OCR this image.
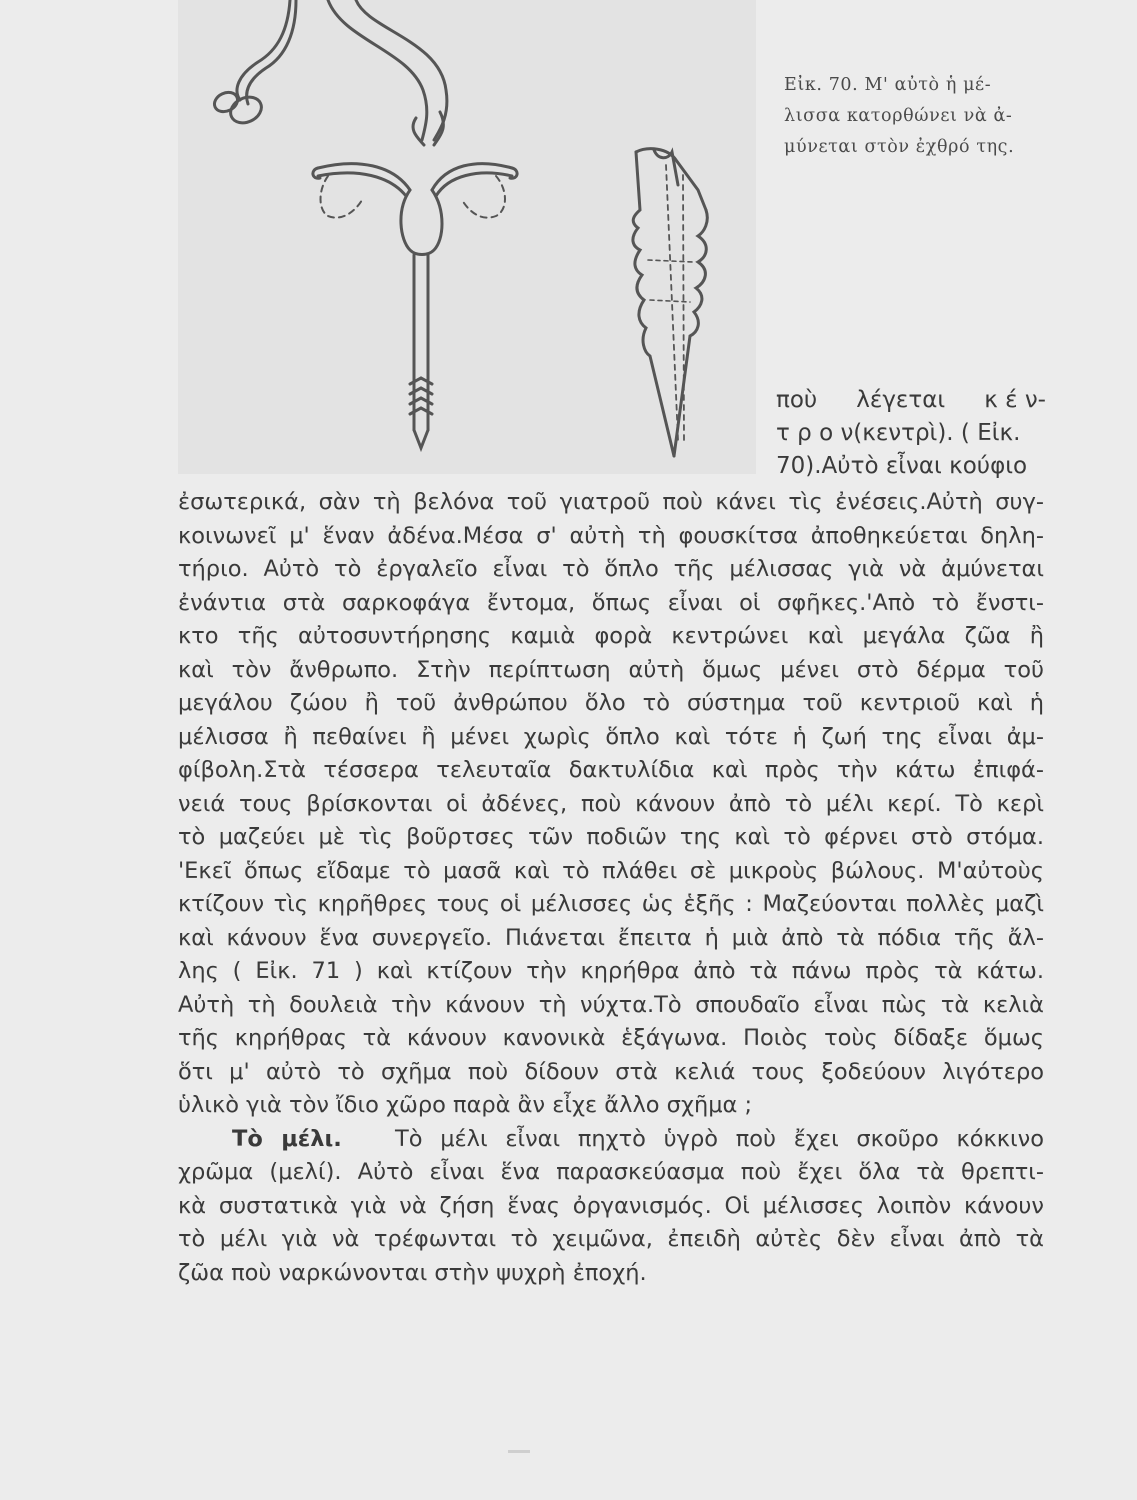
Εἰκ. 70. Μ' αὐτὸ ἡ μέ-
λισσα κατορθώνει νὰ ἀ-
μύνεται στὸν ἐχθρό της.
ποὺ λέγεται κ έ ν-
τ ρ ο ν(κεντρὶ). ( Εἰκ.
70).Αὐτὸ εἶναι κούφιο
ἐσωτερικά, σὰν τὴ βελόνα τοῦ γιατροῦ ποὺ κάνει τὶς ἐνέσεις.Αὐτὴ συγ-
κοινωνεῖ μ' ἕναν ἀδένα.Μέσα σ' αὐτὴ τὴ φουσκίτσα ἀποθηκεύεται δηλη-
τήριο. Αὐτὸ τὸ ἐργαλεῖο εἶναι τὸ ὅπλο τῆς μέλισσας γιὰ νὰ ἀμύνεται
ἐνάντια στὰ σαρκοφάγα ἔντομα, ὅπως εἶναι οἱ σφῆκες.'Απὸ τὸ ἔνστι-
κτο τῆς αὐτοσυντήρησης καμιὰ φορὰ κεντρώνει καὶ μεγάλα ζῶα ἢ
καὶ τὸν ἄνθρωπο. Στὴν περίπτωση αὐτὴ ὅμως μένει στὸ δέρμα τοῦ
μεγάλου ζώου ἢ τοῦ ἀνθρώπου ὅλο τὸ σύστημα τοῦ κεντριοῦ καὶ ἡ
μέλισσα ἢ πεθαίνει ἢ μένει χωρὶς ὅπλο καὶ τότε ἡ ζωή της εἶναι ἀμ-
φίβολη.Στὰ τέσσερα τελευταῖα δακτυλίδια καὶ πρὸς τὴν κάτω ἐπιφά-
νειά τους βρίσκονται οἱ ἀδένες, ποὺ κάνουν ἀπὸ τὸ μέλι κερί. Τὸ κερὶ
τὸ μαζεύει μὲ τὶς βοῦρτσες τῶν ποδιῶν της καὶ τὸ φέρνει στὸ στόμα.
'Εκεῖ ὅπως εἴδαμε τὸ μασᾶ καὶ τὸ πλάθει σὲ μικροὺς βώλους. Μ'αὐτοὺς
κτίζουν τὶς κηρῆθρες τους οἱ μέλισσες ὡς ἑξῆς : Μαζεύονται πολλὲς μαζὶ
καὶ κάνουν ἕνα συνεργεῖο. Πιάνεται ἔπειτα ἡ μιὰ ἀπὸ τὰ πόδια τῆς ἄλ-
λης ( Εἰκ. 71 ) καὶ κτίζουν τὴν κηρήθρα ἀπὸ τὰ πάνω πρὸς τὰ κάτω.
Αὐτὴ τὴ δουλειὰ τὴν κάνουν τὴ νύχτα.Τὸ σπουδαῖο εἶναι πὼς τὰ κελιὰ
τῆς κηρήθρας τὰ κάνουν κανονικὰ ἑξάγωνα. Ποιὸς τοὺς δίδαξε ὅμως
ὅτι μ' αὐτὸ τὸ σχῆμα ποὺ δίδουν στὰ κελιά τους ξοδεύουν λιγότερο
ὑλικὸ γιὰ τὸν ἴδιο χῶρο παρὰ ἂν εἶχε ἄλλο σχῆμα ;
Τὸ μέλι. Τὸ μέλι εἶναι πηχτὸ ὑγρὸ ποὺ ἔχει σκοῦρο κόκκινο
χρῶμα (μελί). Αὐτὸ εἶναι ἕνα παρασκεύασμα ποὺ ἔχει ὅλα τὰ θρεπτι-
κὰ συστατικὰ γιὰ νὰ ζήση ἕνας ὀργανισμός. Οἱ μέλισσες λοιπὸν κάνουν
τὸ μέλι γιὰ νὰ τρέφωνται τὸ χειμῶνα, ἐπειδὴ αὐτὲς δὲν εἶναι ἀπὸ τὰ
ζῶα ποὺ ναρκώνονται στὴν ψυχρὴ ἐποχή.
